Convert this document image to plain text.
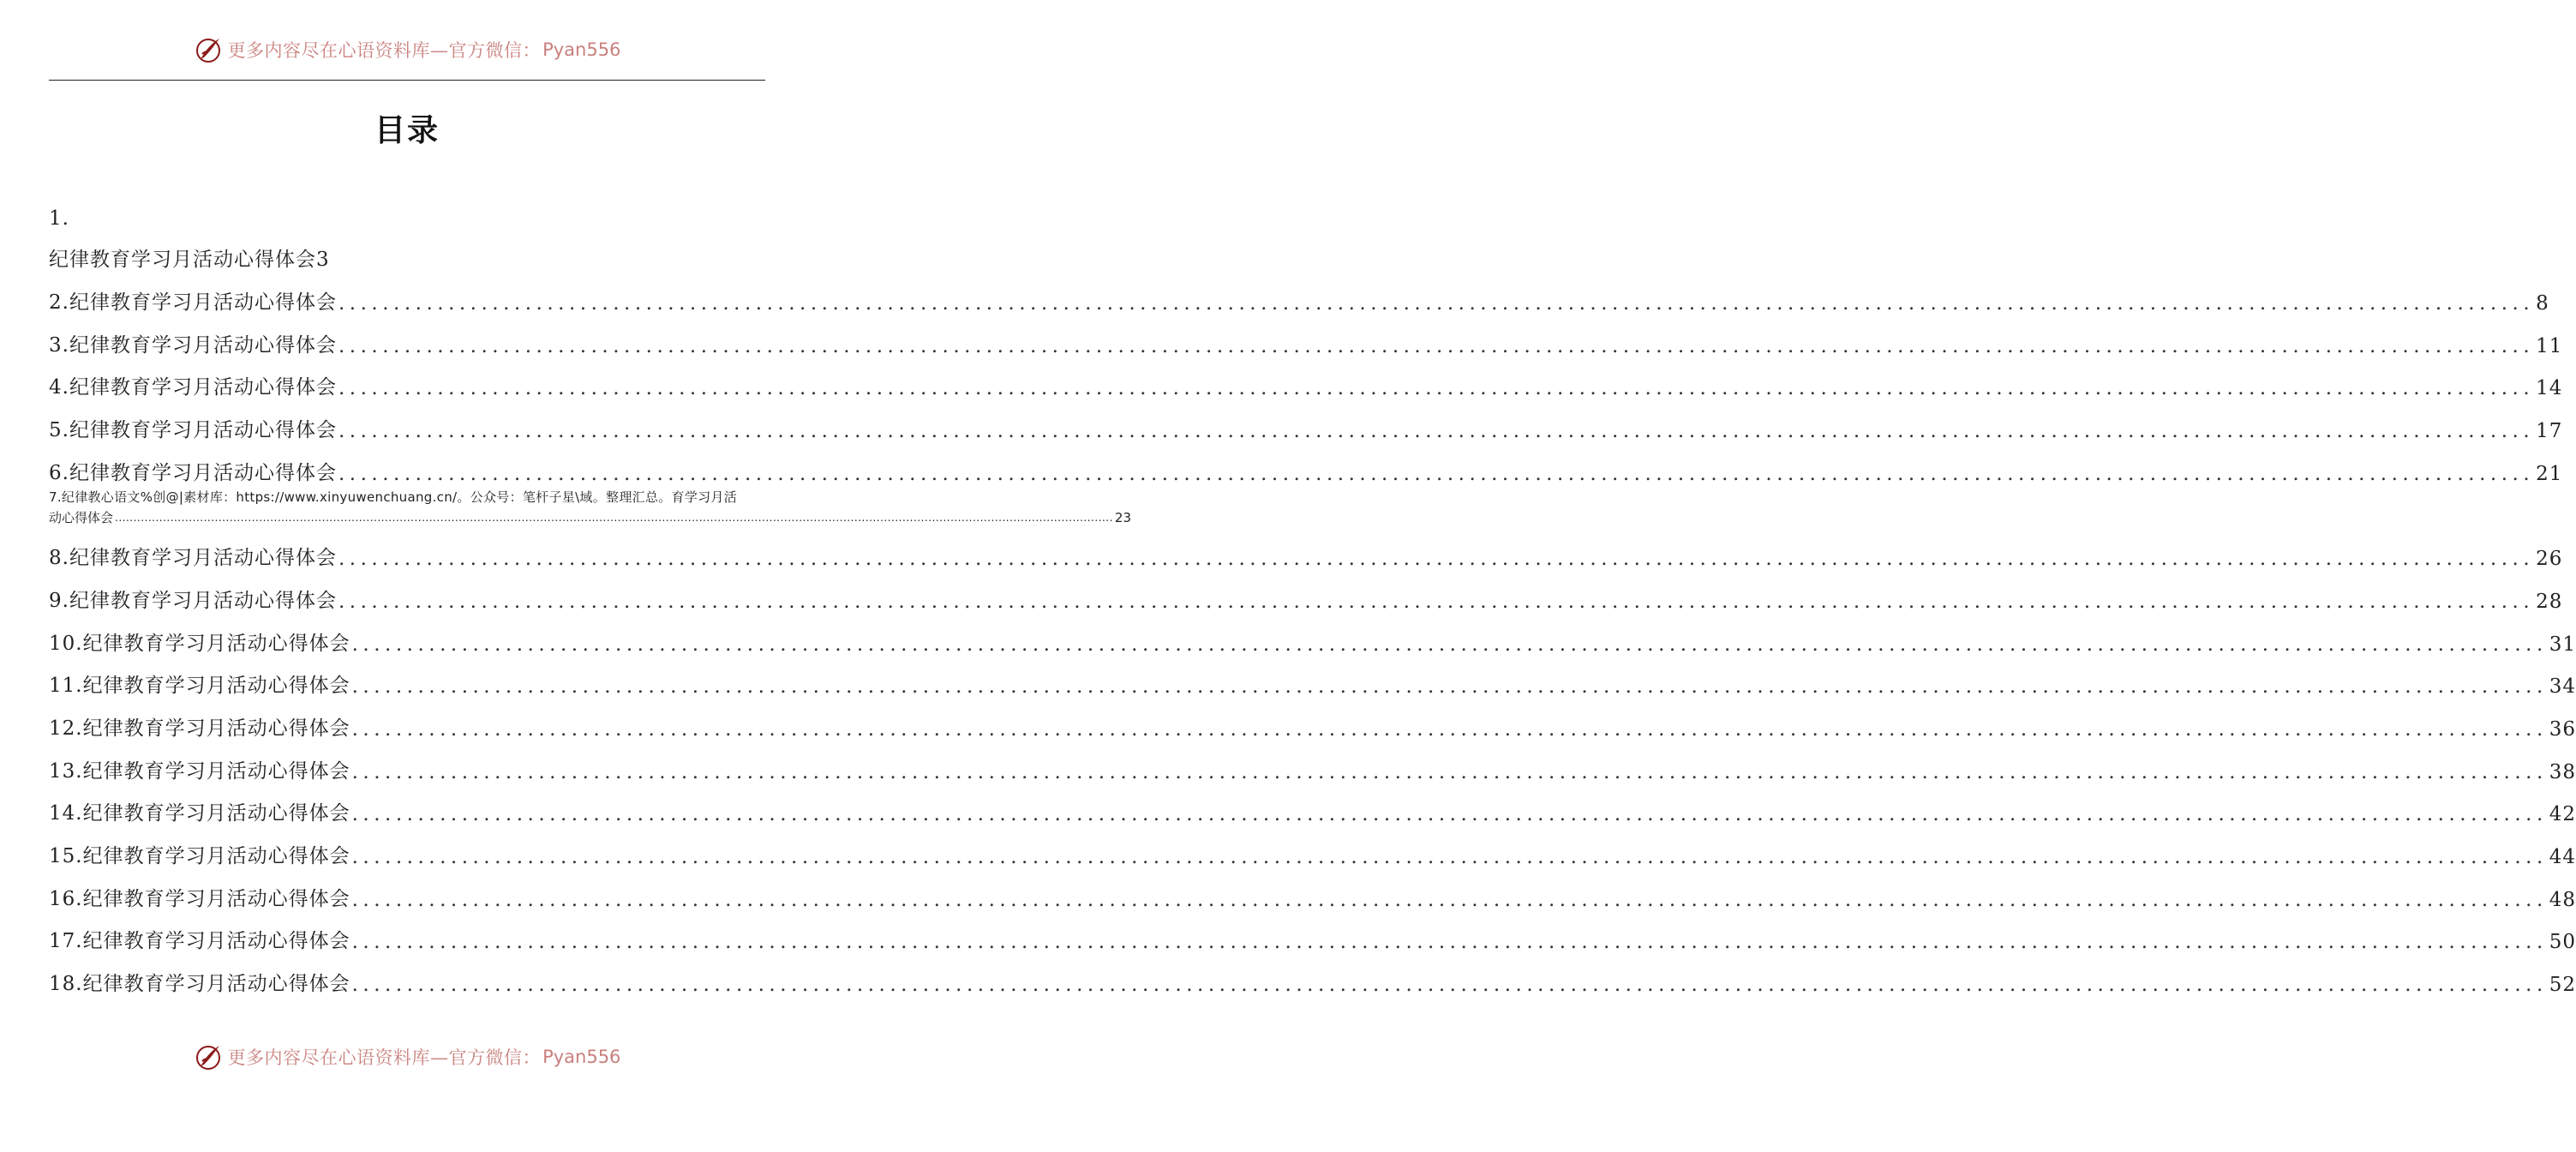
更多内容尽在心语资料库—官方微信： Pyan556
目录
1.
纪律教育学习月活动心得体会3
2.纪律教育学习月活动心得体会 ........................................................................................................................................................................................................ 8
3.纪律教育学习月活动心得体会 ........................................................................................................................................................................................................ 11
4.纪律教育学习月活动心得体会 ........................................................................................................................................................................................................ 14
5.纪律教育学习月活动心得体会 ........................................................................................................................................................................................................ 17
6.纪律教育学习月活动心得体会 ........................................................................................................................................................................................................ 21
7.纪律教心语文%创@|素材库：https://www.xinyuwenchuang.cn/。公众号：笔杆子星\域。整理汇总。育学习月活
动心得体会 .............................................................................................................................................................................................................................................................................. 23
8.纪律教育学习月活动心得体会 ........................................................................................................................................................................................................ 26
9.纪律教育学习月活动心得体会 ........................................................................................................................................................................................................ 28
10.纪律教育学习月活动心得体会 ........................................................................................................................................................................................................ 31
11.纪律教育学习月活动心得体会 ........................................................................................................................................................................................................ 34
12.纪律教育学习月活动心得体会 ........................................................................................................................................................................................................ 36
13.纪律教育学习月活动心得体会 ........................................................................................................................................................................................................ 38
14.纪律教育学习月活动心得体会 ........................................................................................................................................................................................................ 42
15.纪律教育学习月活动心得体会 ........................................................................................................................................................................................................ 44
16.纪律教育学习月活动心得体会 ........................................................................................................................................................................................................ 48
17.纪律教育学习月活动心得体会 ........................................................................................................................................................................................................ 50
18.纪律教育学习月活动心得体会 ........................................................................................................................................................................................................ 52
更多内容尽在心语资料库—官方微信： Pyan556
